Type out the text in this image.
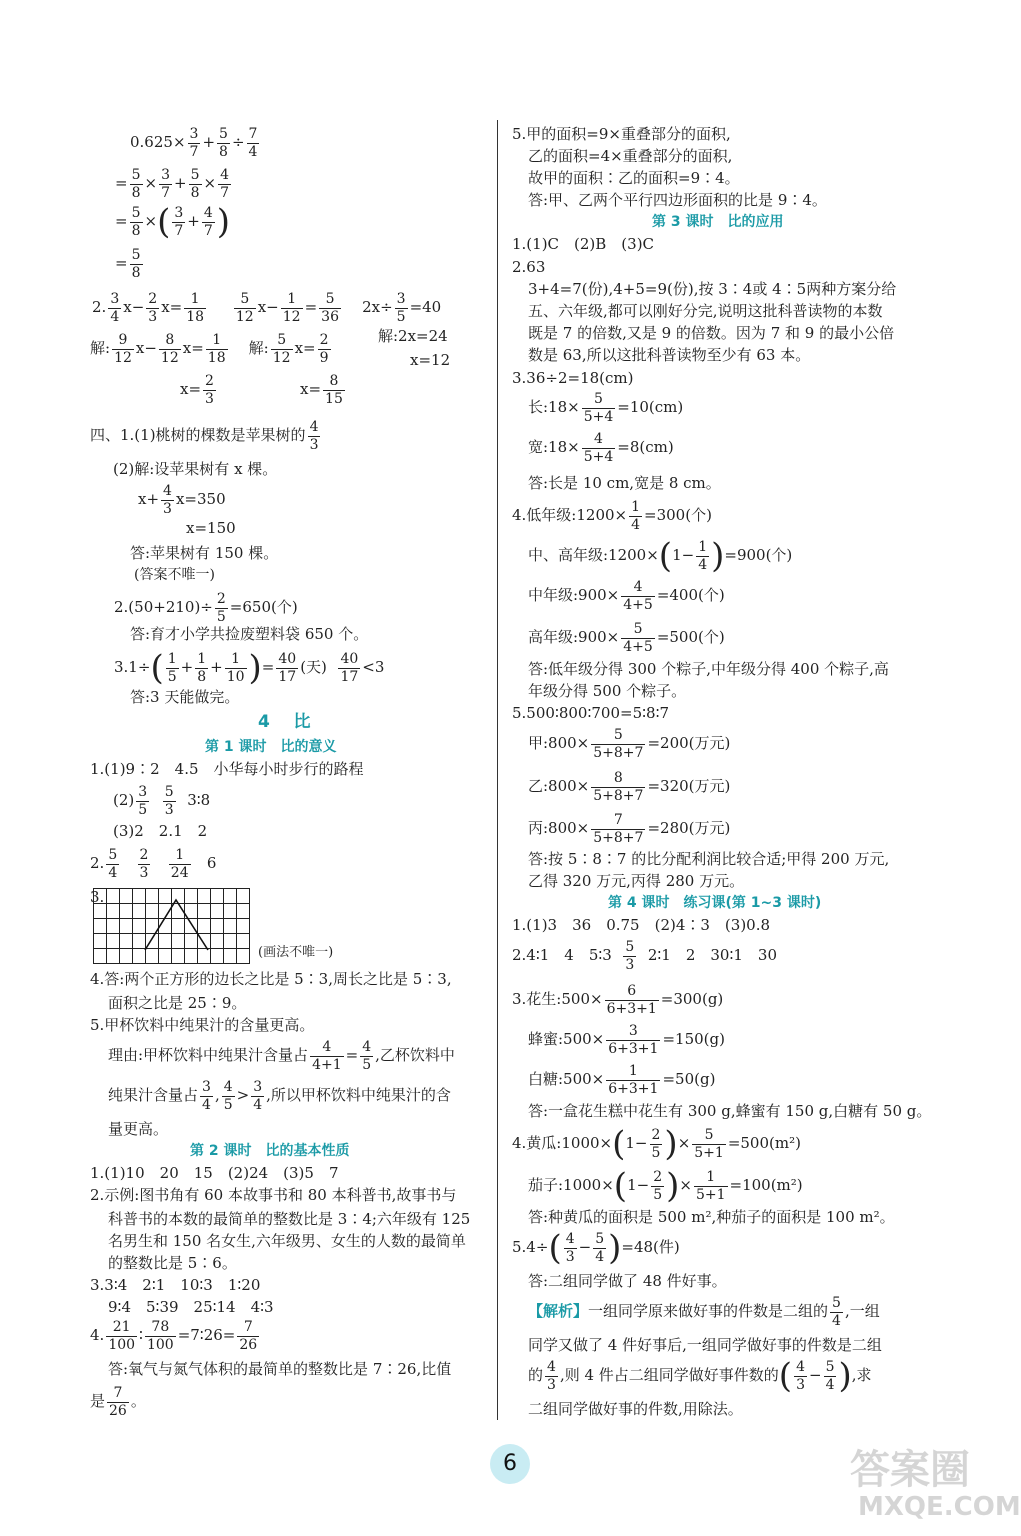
$0.625\times \frac{3}{7} + \frac{5}{8} \div \frac{7}{4}$
= $\frac{5}{8} \times \frac{3}{7} + \frac{5}{8} \times \frac{4}{7}$
= $\frac{5}{8}$ ×( $\frac{3}{7} + \frac{4}{7}$ )
= $\frac{5}{8}$
2. $\frac{3}{4} x- \frac{2}{3} x= \frac{1}{18}$
$\frac{5}{12} x- \frac{1}{12} = \frac{5}{36} 2x\div \frac{3}{5} =40$
解: $\frac{9}{12} x- \frac{8}{12} x= \frac{1}{18}$ 解: $\frac{5}{12} x= \frac{2}{9}$	解:2x=24
x=12
$x= \frac{2}{3}$	$x= \frac{8}{15}$
四、1.(1)桃树的棵数是苹果树的 $\frac{4}{3}$
(2)解:设苹果树有 x 棵。
$x+ \frac{4}{3} x=350$
x=150
答:苹果树有 150 棵。
(答案不唯一)
$2.(50+210)\div \frac{2}{5} =650$(个)
答:育才小学共捡废塑料袋 650 个。
$3.1\div( \frac{1}{5} + \frac{1}{8} + \frac{1}{10}$ )= $\frac{40}{17}$ (天) $\frac{40}{17} <3$
答:3 天能做完。
4 比
第 1 课时　比的意义
1.(1)9∶2　4.5　小华每小时步行的路程
$(2) \frac{3}{5}$
$\frac{5}{3}$ 3∶8
(3)2　2.1　2
2. $\frac{5}{4}$
$\frac{2}{3}$
$\frac{1}{24} 6$
3.
(画法不唯一)
4.答:两个正方形的边长之比是 5∶3,周长之比是 5∶3,
面积之比是 25∶9。
5.甲杯饮料中纯果汁的含量更高。
理由:甲杯饮料中纯果汁含量占 $\frac{4}{4+1} = \frac{4}{5}$ ,乙杯饮料中
纯果汁含量占 $\frac{3}{4}$ , $\frac{4}{5} > \frac{3}{4}$ ,所以甲杯饮料中纯果汁的含
量更高。
第 2 课时　比的基本性质
1.(1)10　20　15　(2)24　(3)5　7
2.示例:图书角有 60 本故事书和 80 本科普书,故事书与
科普书的本数的最简单的整数比是 3∶4;六年级有 125
名男生和 150 名女生,六年级男、女生的人数的最简单
的整数比是 5∶6。
3.3∶4　2∶1　10∶3　1∶20
9∶4　5∶39　25∶14　4∶3
4. $\frac{21}{100}$ ∶ $\frac{78}{100}$ =7∶26= $\frac{7}{26}$
答:氧气与氮气体积的最简单的整数比是 7∶26,比值
是 $\frac{7}{26}$ 。
5.甲的面积=9×重叠部分的面积,
乙的面积=4×重叠部分的面积,
故甲的面积∶乙的面积=9∶4。
答:甲、乙两个平行四边形面积的比是 9∶4。
第 3 课时　比的应用
1.(1)C　(2)B　(3)C
2.63
3+4=7(份),4+5=9(份),按 3∶4或 4∶5两种方案分给
五、六年级,都可以刚好分完,说明这批科普读物的本数
既是 7 的倍数,又是 9 的倍数。因为 7 和 9 的最小公倍
数是 63,所以这批科普读物至少有 63 本。
3.36÷2=18(cm)
长:18× $\frac{5}{5+4} =10(cm)$
宽:18× $\frac{4}{5+4} =8(cm)$
答:长是 10 cm,宽是 8 cm。
4.低年级:1200× $\frac{1}{4} =300$(个)
中、高年级:1200×(1− $\frac{1}{4} )=900$(个)
中年级:900× $\frac{4}{4+5} =400$(个)
高年级:900× $\frac{5}{4+5} =500$(个)
答:低年级分得 300 个粽子,中年级分得 400 个粽子,高
年级分得 500 个粽子。
5.500∶800∶700=5∶8∶7
甲:800× $\frac{5}{5+8+7} =200$(万元)
乙:800× $\frac{8}{5+8+7} =320$(万元)
丙:800× $\frac{7}{5+8+7} =280$(万元)
答:按 5∶8∶7 的比分配利润比较合适;甲得 200 万元,
乙得 320 万元,丙得 280 万元。
第 4 课时　练习课(第 1~3 课时)
1.(1)3　36　0.75　(2)4∶3　(3)0.8
2.4∶1　4　5∶3 $\frac{5}{3}$ 2∶1　2　30∶1　30
3.花生:500× $\frac{6}{6+3+1} =300(g)$
蜂蜜:500× $\frac{3}{6+3+1} =150(g)$
白糖:500× $\frac{1}{6+3+1} =50(g)$
答:一盒花生糕中花生有 300 g,蜂蜜有 150 g,白糖有 50 g。
4.黄瓜:1000×(1− $\frac{2}{5}$ )× $\frac{5}{5+1} =500(m^2)$
茄子:1000×(1− $\frac{2}{5}$ )× $\frac{1}{5+1} =100(m^2)$
答:种黄瓜的面积是 500 m²,种茄子的面积是 100 m²。
$5.4\div( \frac{4}{3} - \frac{5}{4} )=48$(件)
答:二组同学做了 48 件好事。
【解析】一组同学原来做好事的件数是二组的 $\frac{5}{4}$ ,一组
同学又做了 4 件好事后,一组同学做好事的件数是二组
的 $\frac{4}{3}$ ,则 4 件占二组同学做好事件数的( $\frac{4}{3} - \frac{5}{4}$ ),求
二组同学做好事的件数,用除法。
6	答案圈
MXQE.COM
